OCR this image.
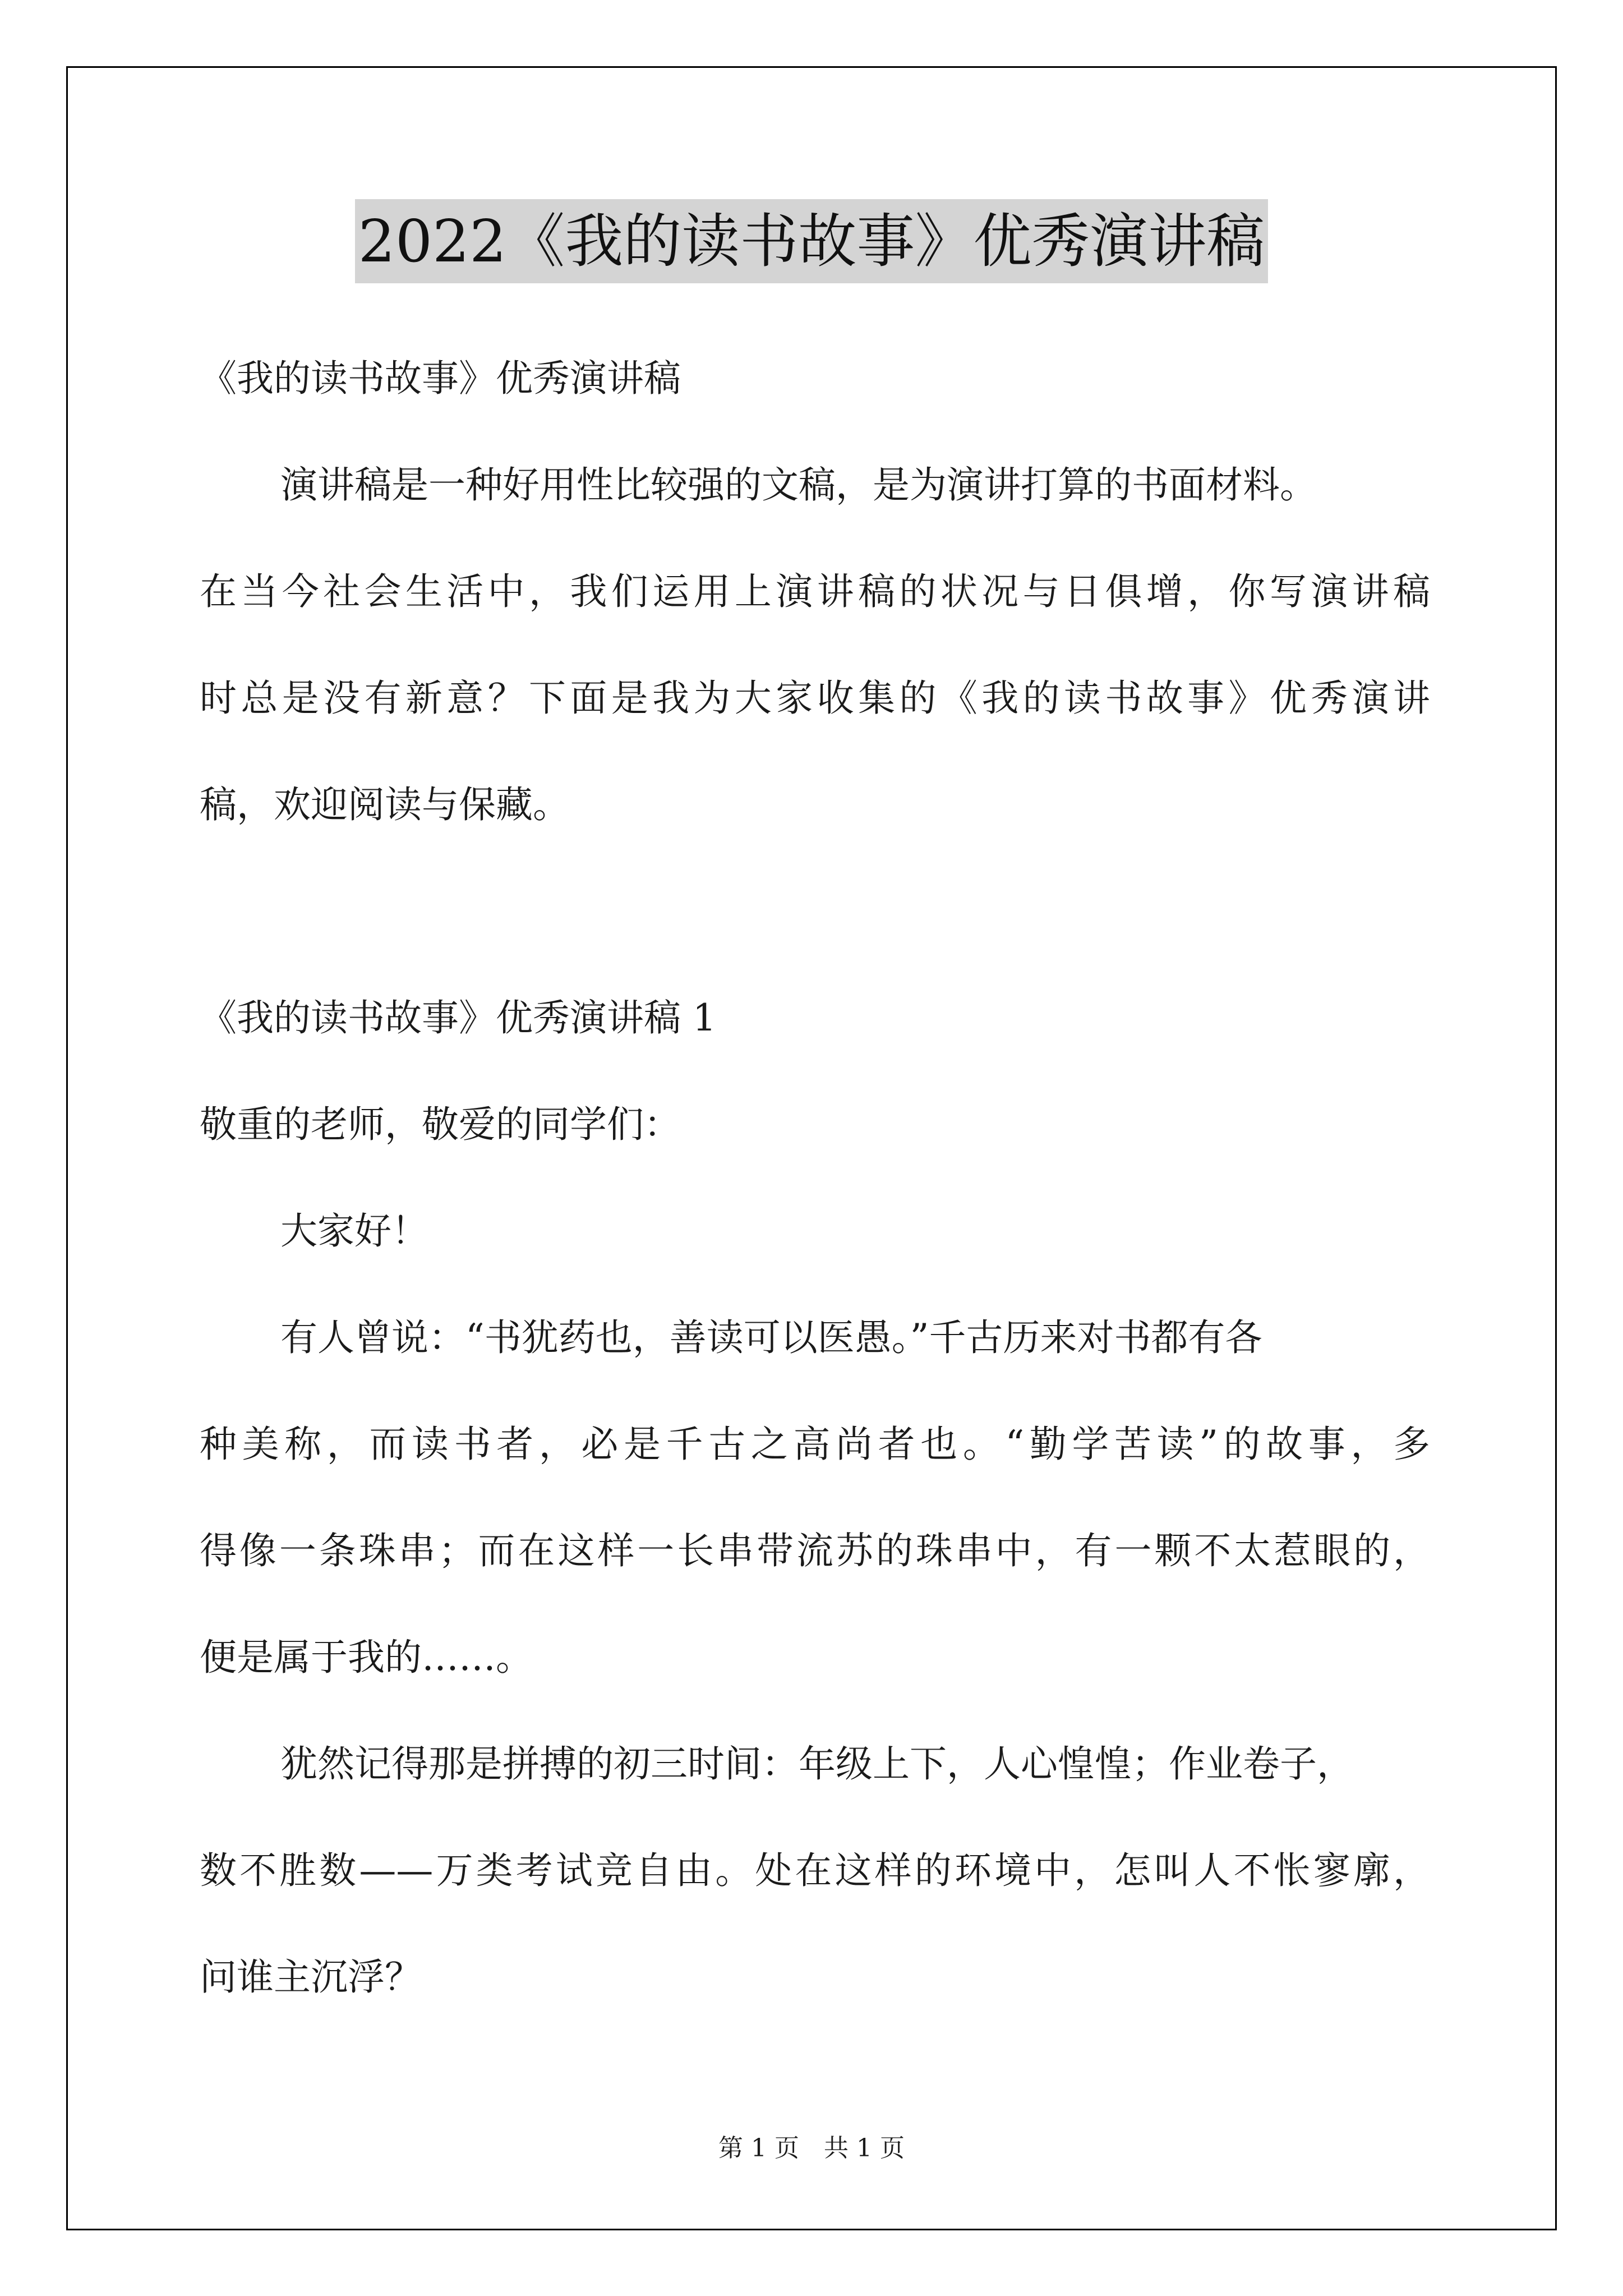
2022《我的读书故事》优秀演讲稿
《我的读书故事》优秀演讲稿
演讲稿是一种好用性比较强的文稿，是为演讲打算的书面材料。
在当今社会生活中，我们运用上演讲稿的状况与日俱增，你写演讲稿
时总是没有新意？下面是我为大家收集的《我的读书故事》优秀演讲
稿，欢迎阅读与保藏。
《我的读书故事》优秀演讲稿 1
敬重的老师，敬爱的同学们：
大家好！
有人曾说：“书犹药也，善读可以医愚。”千古历来对书都有各
种美称，而读书者，必是千古之高尚者也。“勤学苦读”的故事，多
得像一条珠串；而在这样一长串带流苏的珠串中，有一颗不太惹眼的，
便是属于我的……。
犹然记得那是拼搏的初三时间：年级上下，人心惶惶；作业卷子，
数不胜数——万类考试竞自由。处在这样的环境中，怎叫人不怅寥廓，
问谁主沉浮？
第 1 页　共 1 页
